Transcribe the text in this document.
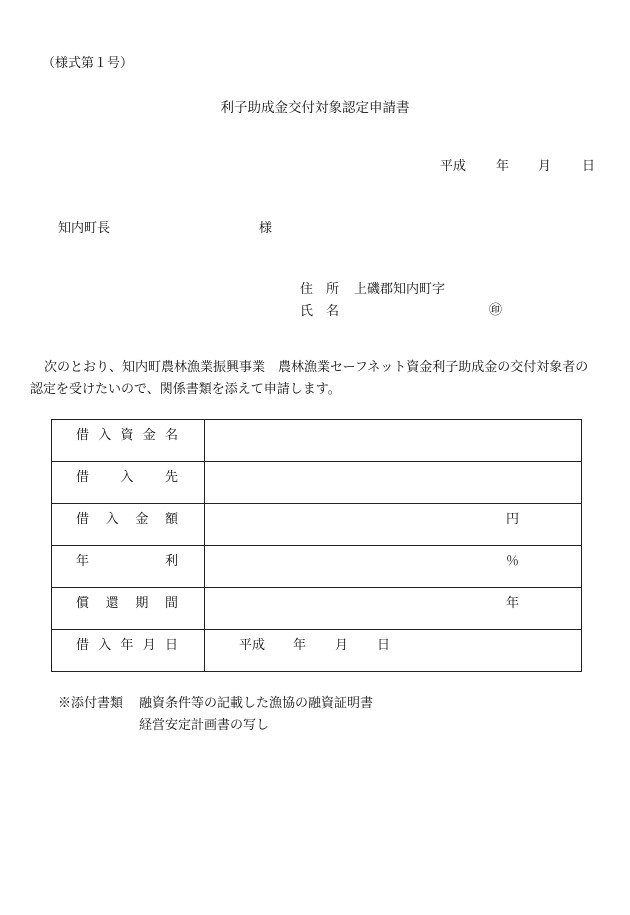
（様式第１号）
利子助成金交付対象認定申請書
平成 年 月 日
知内町長	様
住　 所 上磯郡知内町字
氏　 名	㊞
次のとおり、知内町農林漁業振興事業　農林漁業セーフネット資金利子助成金の交付対象者の認定を受けたいので、関係書類を添えて申請します。
借 入 資 金 名	

借 入 先	

借 入 金 額	円

年 利	％

償 還 期 間	年

借 入 年 月 日	平成 年 月 日
※添付書類 融資条件等の記載した漁協の融資証明書
経営安定計画書の写し
